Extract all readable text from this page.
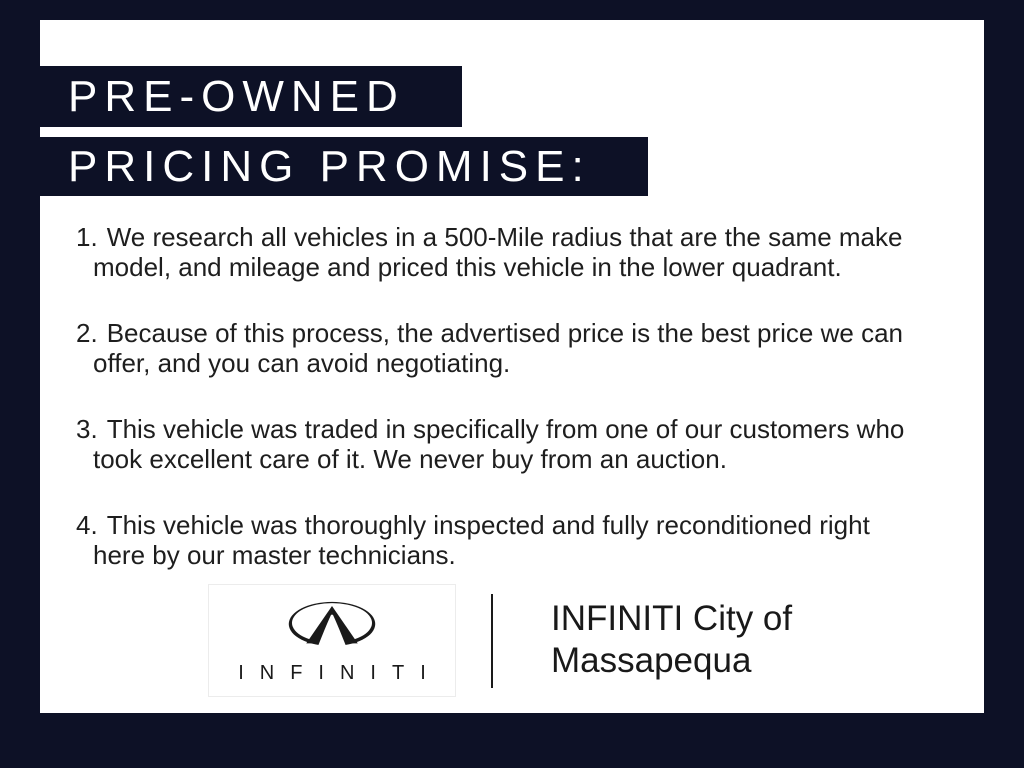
PRE-OWNED
PRICING PROMISE:
1. We research all vehicles in a 500-Mile radius that are the same make
model, and mileage and priced this vehicle in the lower quadrant.
2. Because of this process, the advertised price is the best price we can
offer, and you can avoid negotiating.
3. This vehicle was traded in specifically from one of our customers who
took excellent care of it. We never buy from an auction.
4. This vehicle was thoroughly inspected and fully reconditioned right
here by our master technicians.
INFINITI
INFINITI City of
Massapequa
